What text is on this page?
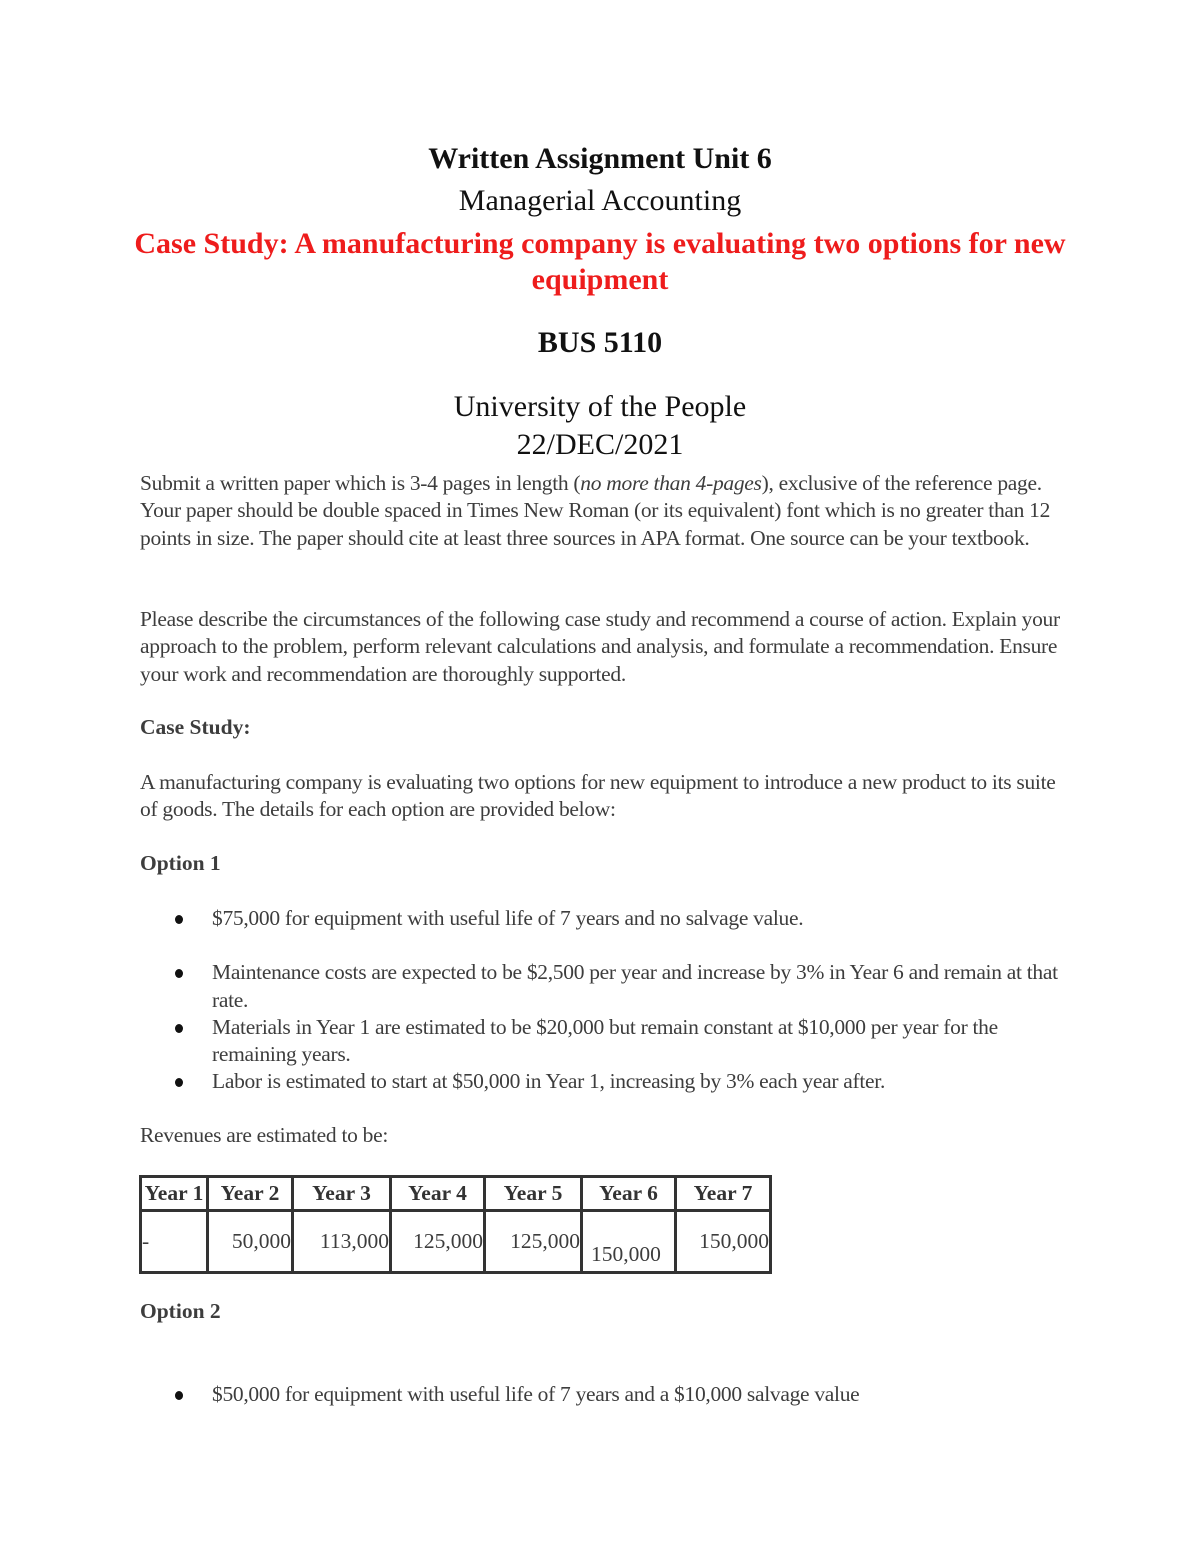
Written Assignment Unit 6
Managerial Accounting
Case Study: A manufacturing company is evaluating two options for new equipment
BUS 5110
University of the People
22/DEC/2021
Submit a written paper which is 3-4 pages in length (no more than 4-pages), exclusive of the reference page. Your paper should be double spaced in Times New Roman (or its equivalent) font which is no greater than 12 points in size. The paper should cite at least three sources in APA format. One source can be your textbook.
Please describe the circumstances of the following case study and recommend a course of action. Explain your approach to the problem, perform relevant calculations and analysis, and formulate a recommendation. Ensure your work and recommendation are thoroughly supported.
Case Study:
A manufacturing company is evaluating two options for new equipment to introduce a new product to its suite of goods. The details for each option are provided below:
Option 1
$75,000 for equipment with useful life of 7 years and no salvage value.
Maintenance costs are expected to be $2,500 per year and increase by 3% in Year 6 and remain at that rate.
Materials in Year 1 are estimated to be $20,000 but remain constant at $10,000 per year for the remaining years.
Labor is estimated to start at $50,000 in Year 1, increasing by 3% each year after.
Revenues are estimated to be:
Year 1	Year 2	Year 3	Year 4	Year 5	Year 6	Year 7
-	50,000	113,000	125,000	125,000	150,000	150,000
Option 2
$50,000 for equipment with useful life of 7 years and a $10,000 salvage value
